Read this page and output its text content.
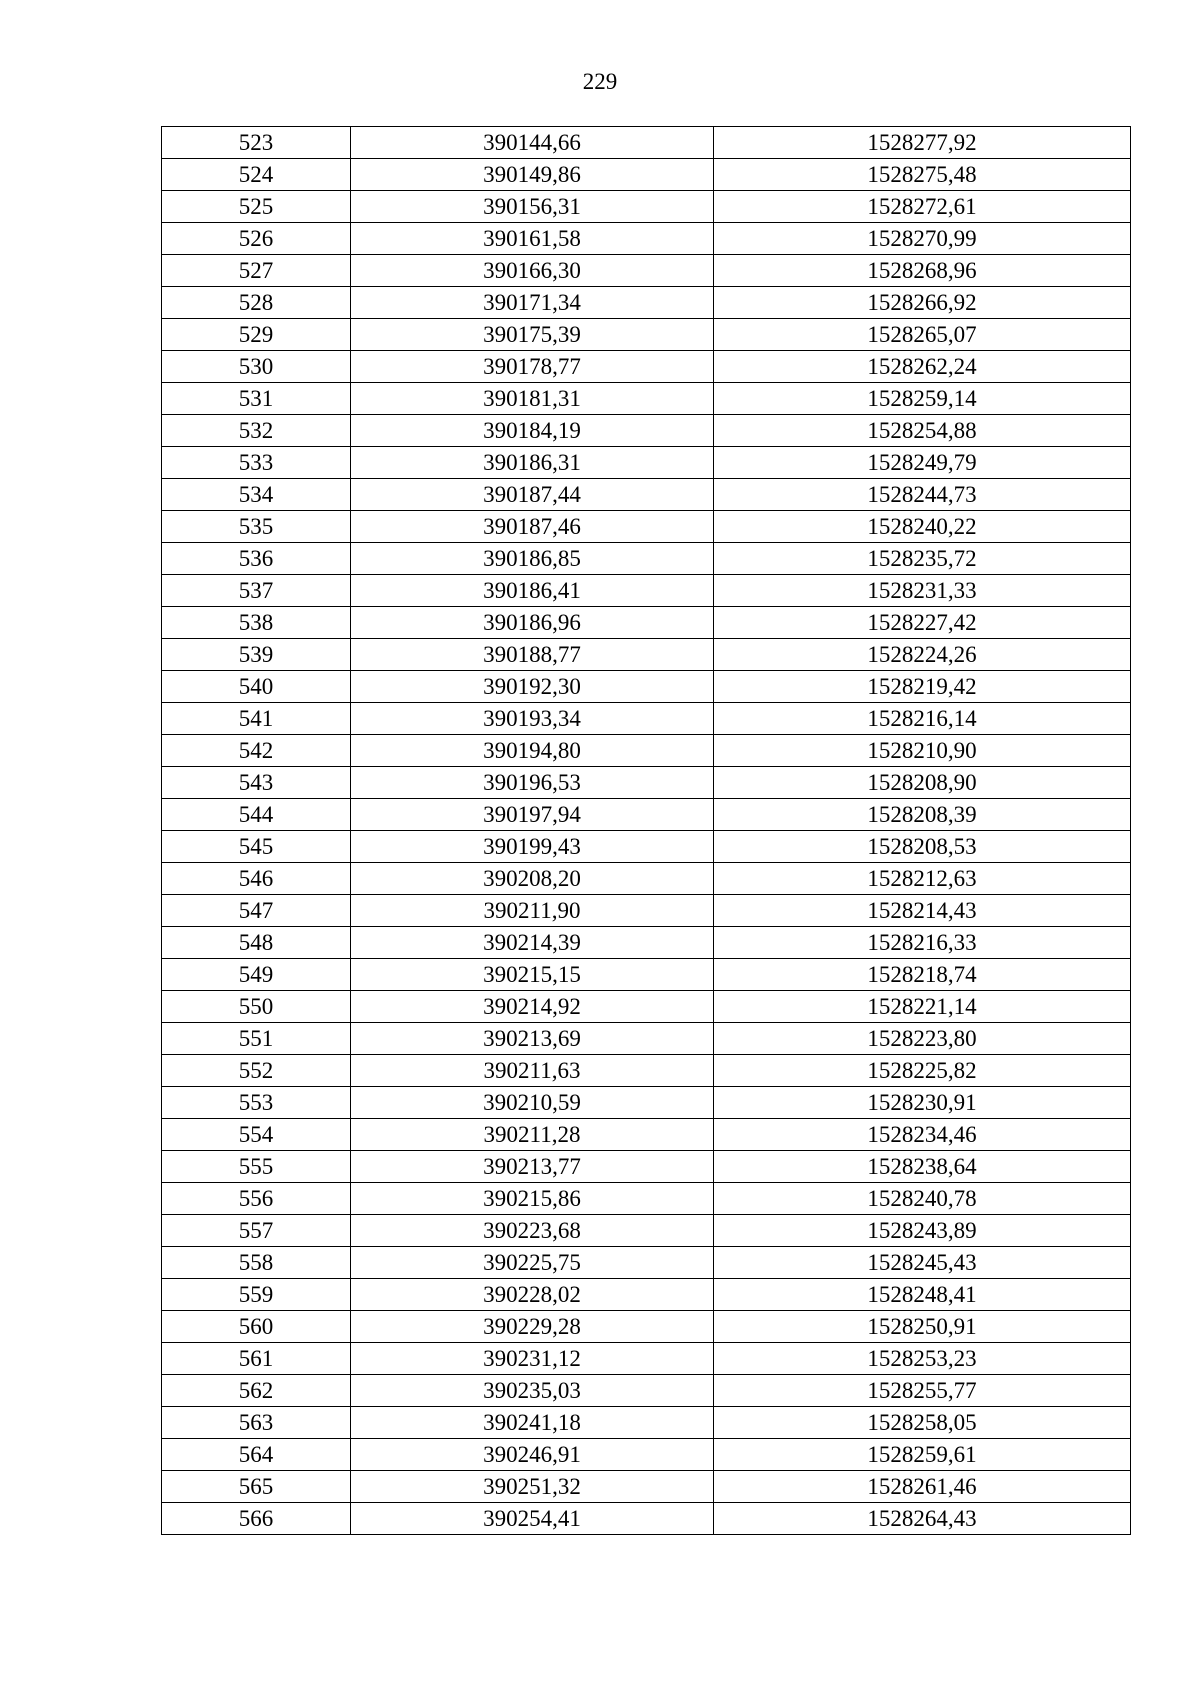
229
523	390144,66	1528277,92
524	390149,86	1528275,48
525	390156,31	1528272,61
526	390161,58	1528270,99
527	390166,30	1528268,96
528	390171,34	1528266,92
529	390175,39	1528265,07
530	390178,77	1528262,24
531	390181,31	1528259,14
532	390184,19	1528254,88
533	390186,31	1528249,79
534	390187,44	1528244,73
535	390187,46	1528240,22
536	390186,85	1528235,72
537	390186,41	1528231,33
538	390186,96	1528227,42
539	390188,77	1528224,26
540	390192,30	1528219,42
541	390193,34	1528216,14
542	390194,80	1528210,90
543	390196,53	1528208,90
544	390197,94	1528208,39
545	390199,43	1528208,53
546	390208,20	1528212,63
547	390211,90	1528214,43
548	390214,39	1528216,33
549	390215,15	1528218,74
550	390214,92	1528221,14
551	390213,69	1528223,80
552	390211,63	1528225,82
553	390210,59	1528230,91
554	390211,28	1528234,46
555	390213,77	1528238,64
556	390215,86	1528240,78
557	390223,68	1528243,89
558	390225,75	1528245,43
559	390228,02	1528248,41
560	390229,28	1528250,91
561	390231,12	1528253,23
562	390235,03	1528255,77
563	390241,18	1528258,05
564	390246,91	1528259,61
565	390251,32	1528261,46
566	390254,41	1528264,43
